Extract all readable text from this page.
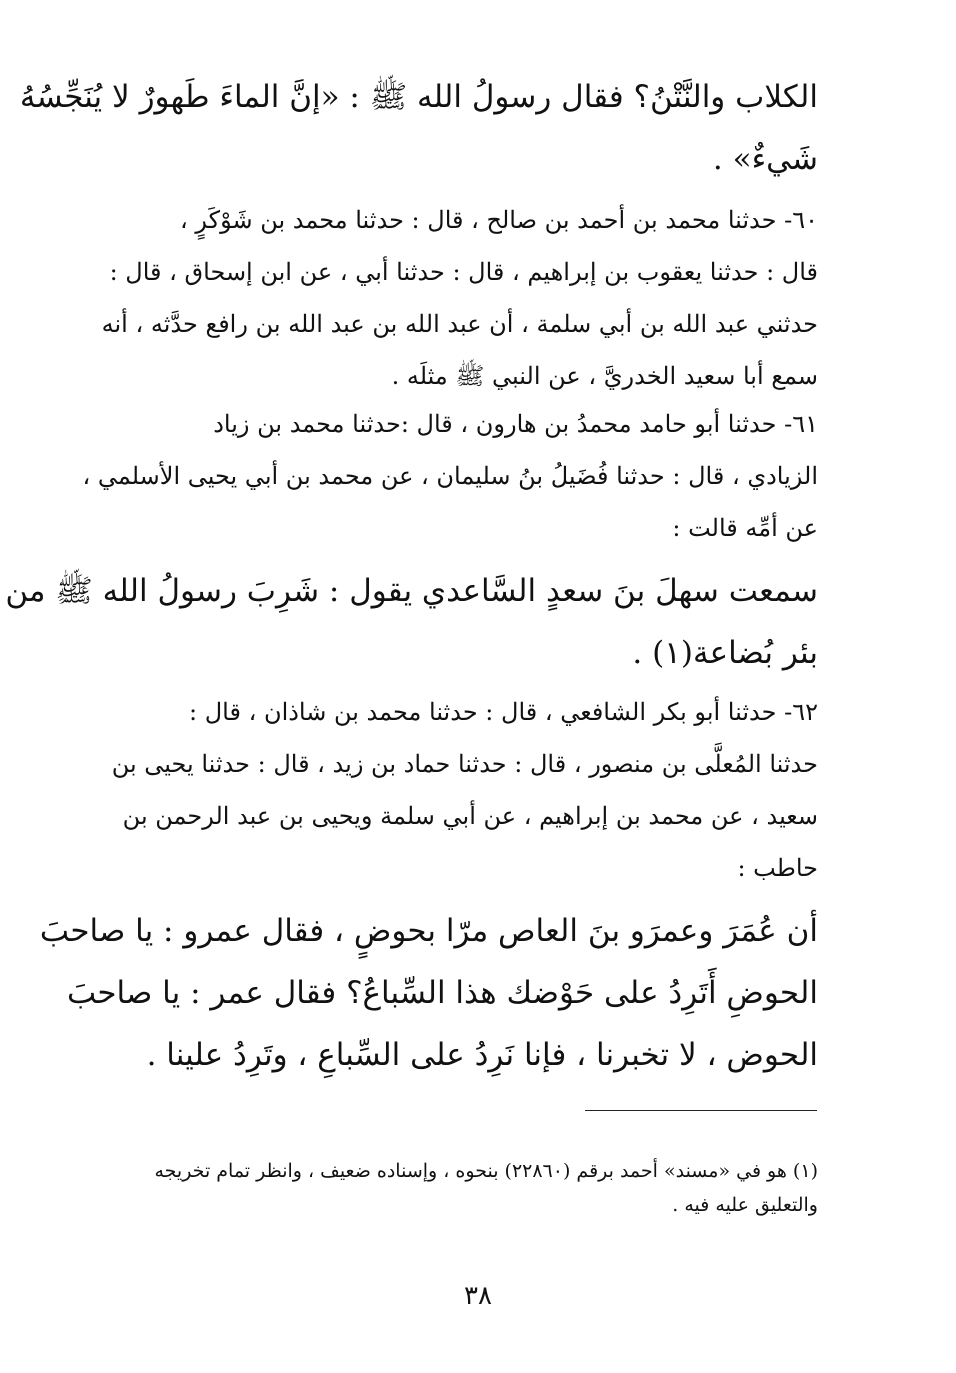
الكلاب والنَّتْنُ؟ فقال رسولُ الله ﷺ : «إنَّ الماءَ طَهورٌ لا يُنَجِّسُهُ
شَيءٌ» .
٦٠- حدثنا محمد بن أحمد بن صالح ، قال : حدثنا محمد بن شَوْكَرٍ ،
قال : حدثنا يعقوب بن إبراهيم ، قال : حدثنا أبي ، عن ابن إسحاق ، قال :
حدثني عبد الله بن أبي سلمة ، أن عبد الله بن عبد الله بن رافع حدَّثه ، أنه
سمع أبا سعيد الخدريَّ ، عن النبي ﷺ مثلَه .
٦١- حدثنا أبو حامد محمدُ بن هارون ، قال :حدثنا محمد بن زياد
الزيادي ، قال : حدثنا فُضَيلُ بنُ سليمان ، عن محمد بن أبي يحيى الأسلمي ،
عن أمِّه قالت :
سمعت سهلَ بنَ سعدٍ السَّاعدي يقول : شَرِبَ رسولُ الله ﷺ من
بئر بُضاعة(١) .
٦٢- حدثنا أبو بكر الشافعي ، قال : حدثنا محمد بن شاذان ، قال :
حدثنا المُعلَّى بن منصور ، قال : حدثنا حماد بن زيد ، قال : حدثنا يحيى بن
سعيد ، عن محمد بن إبراهيم ، عن أبي سلمة ويحيى بن عبد الرحمن بن
حاطب :
أن عُمَرَ وعمرَو بنَ العاص مرّا بحوضٍ ، فقال عمرو : يا صاحبَ
الحوضِ أَتَرِدُ على حَوْضك هذا السِّباعُ؟ فقال عمر : يا صاحبَ
الحوض ، لا تخبرنا ، فإنا نَرِدُ على السِّباعِ ، وتَرِدُ علينا .
(١) هو في «مسند» أحمد برقم (٢٢٨٦٠) بنحوه ، وإسناده ضعيف ، وانظر تمام تخريجه
والتعليق عليه فيه .
٣٨
